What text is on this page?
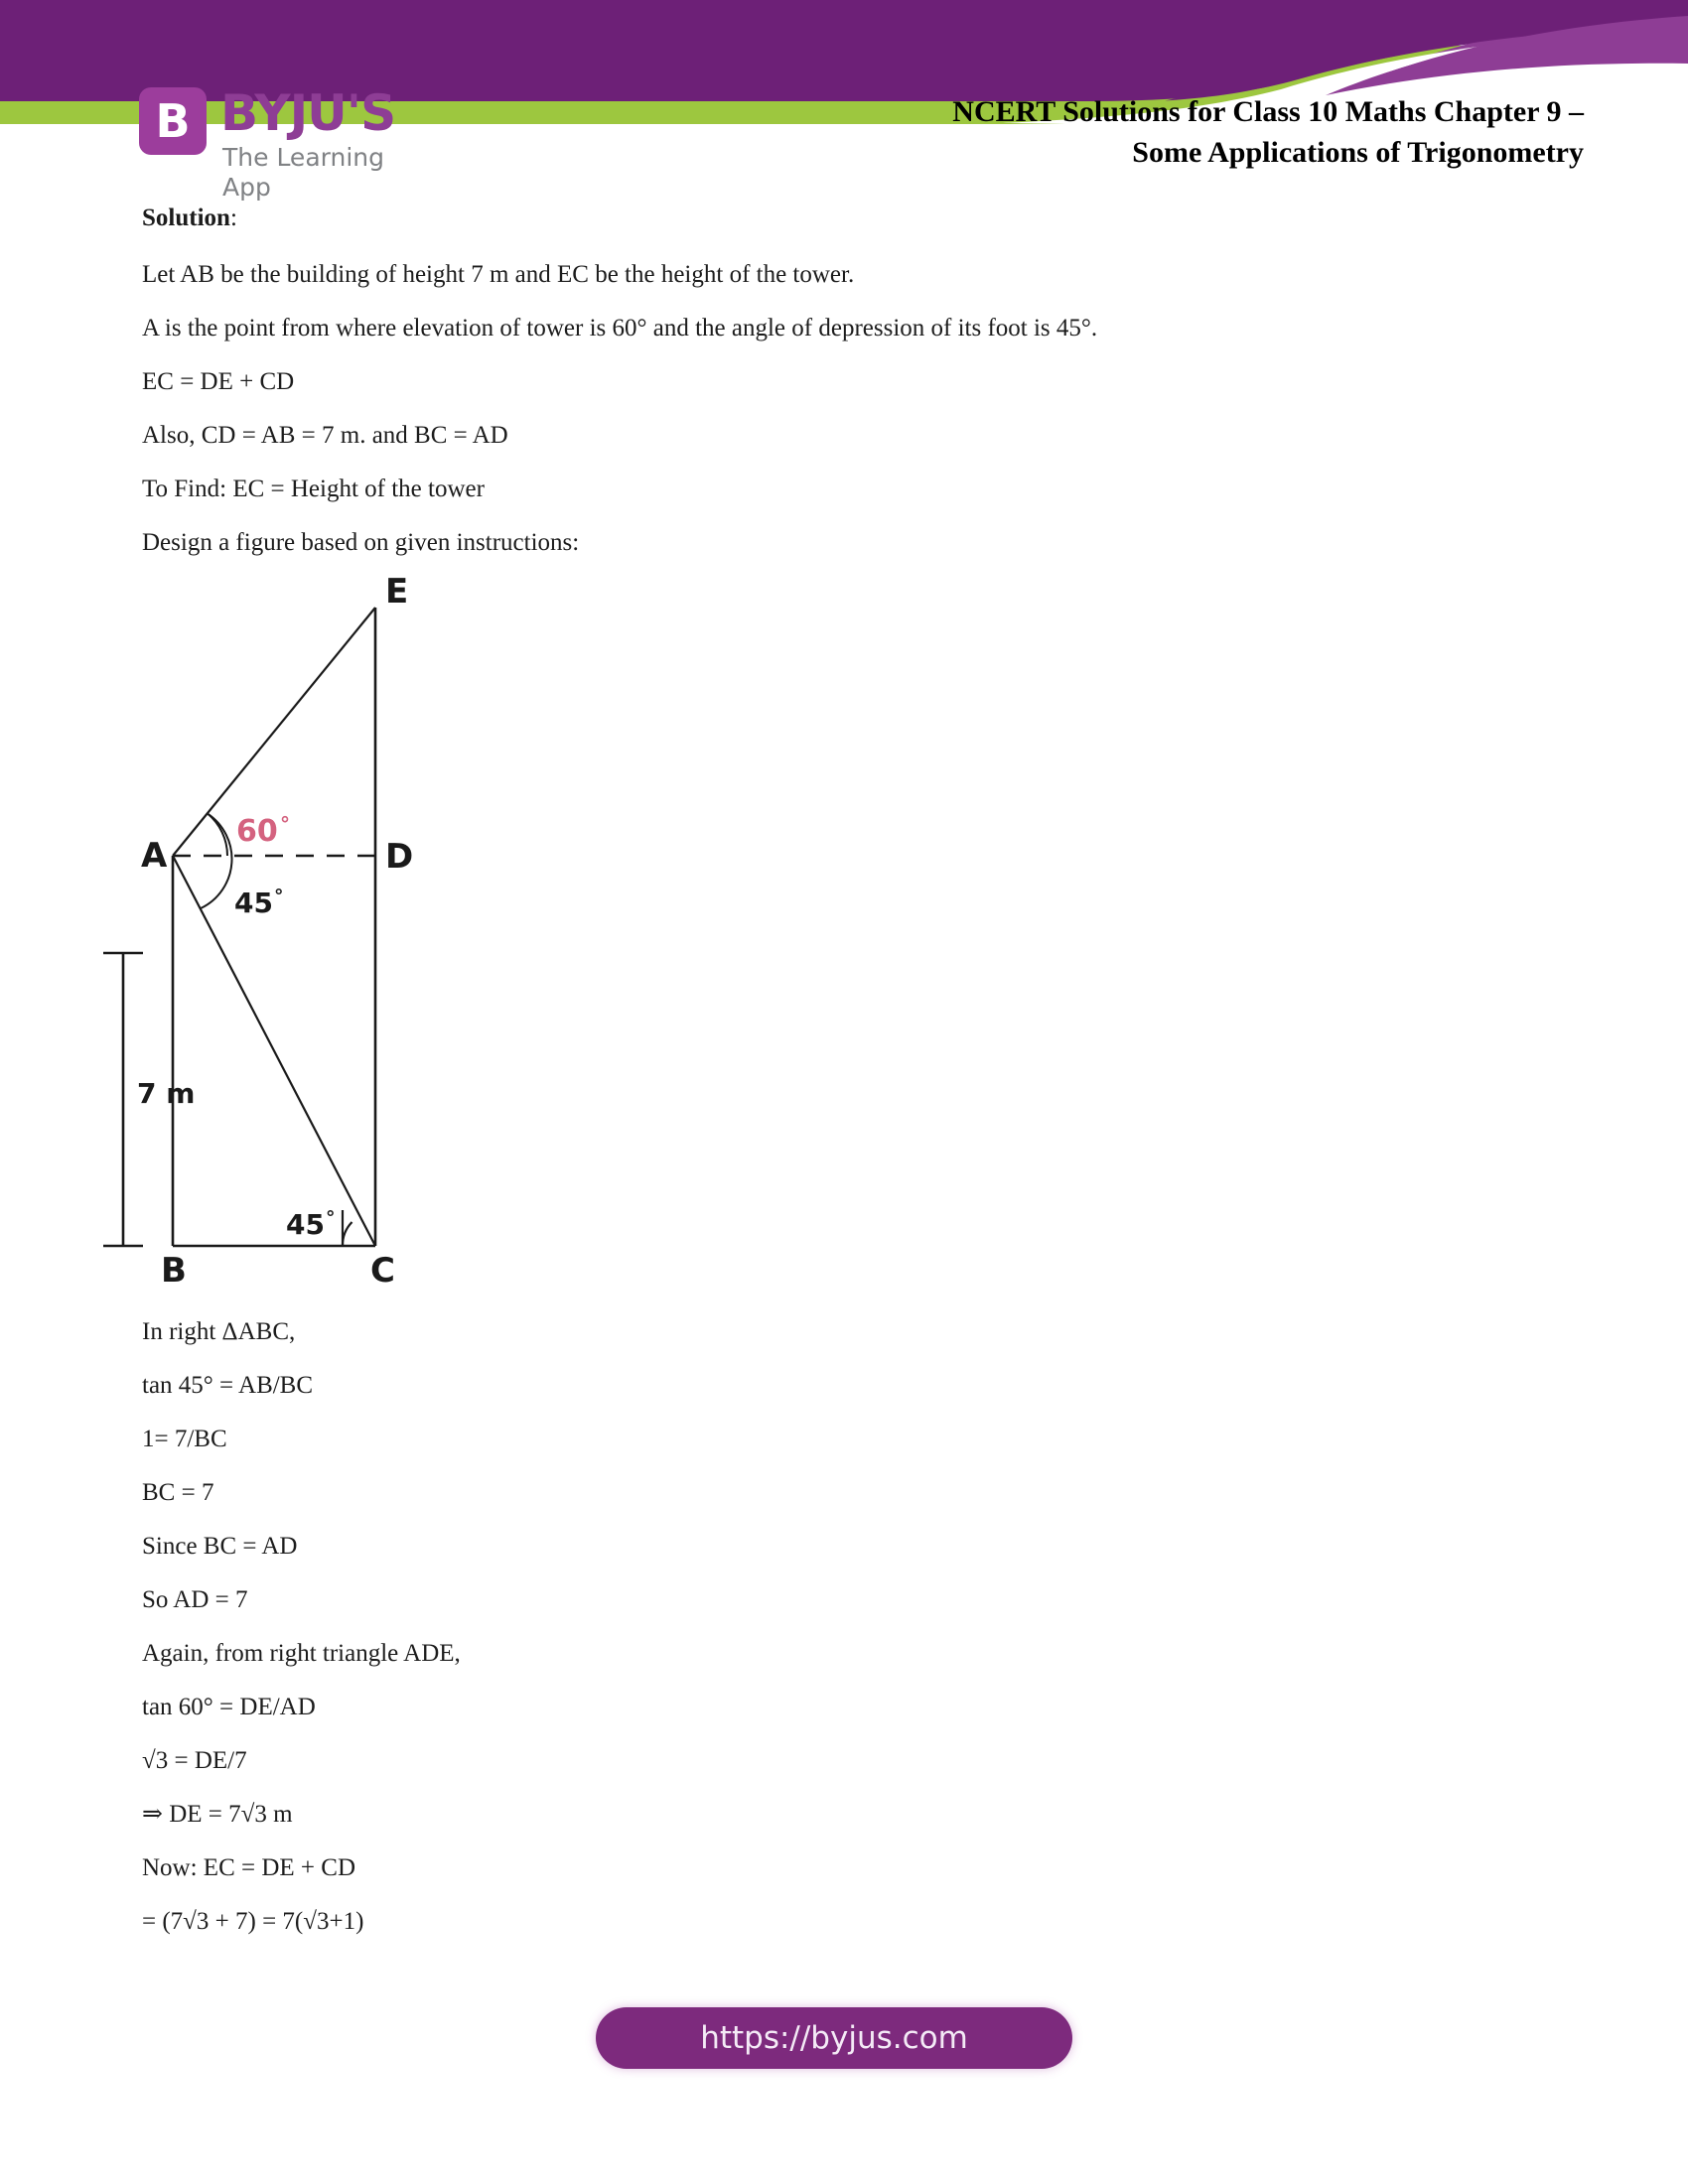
B BYJU'S
The Learning App
NCERT Solutions for Class 10 Maths Chapter 9 –
Some Applications of Trigonometry
Solution:
Let AB be the building of height 7 m and EC be the height of the tower.
A is the point from where elevation of tower is 60° and the angle of depression of its foot is 45°.
EC = DE + CD
Also, CD = AB = 7 m. and BC = AD
To Find: EC = Height of the tower
Design a figure based on given instructions:
E
D
A
B	C
60 °
45 °
45 °
7 m
In right ΔABC,
tan 45° = AB/BC
1= 7/BC
BC = 7
Since BC = AD
So AD = 7
Again, from right triangle ADE,
tan 60° = DE/AD
√3 = DE/7
⇒ DE = 7√3 m
Now: EC = DE + CD
= (7√3 + 7) = 7(√3+1)
https://byjus.com
